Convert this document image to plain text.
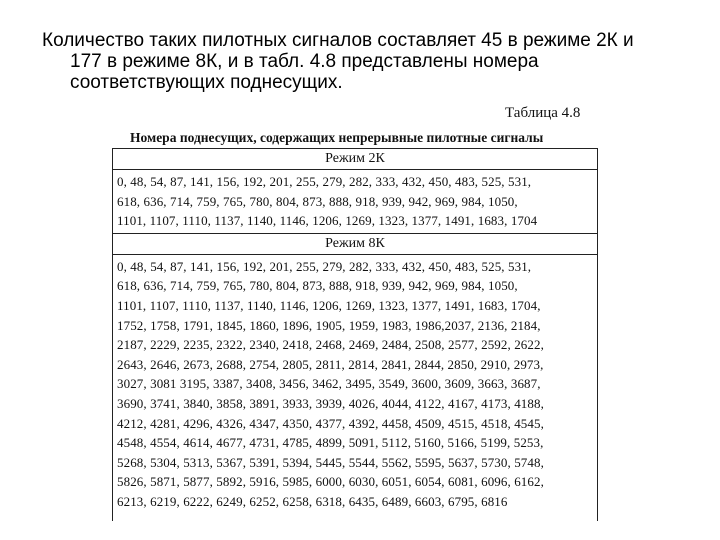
Количество таких пилотных сигналов составляет 45 в режиме 2К и
177 в режиме 8К, и в табл. 4.8 представлены номера
соответствующих поднесущих.
Таблица 4.8
Номера поднесущих, содержащих непрерывные пилотные сигналы
Режим 2К
0, 48, 54, 87, 141, 156, 192, 201, 255, 279, 282, 333, 432, 450, 483, 525, 531,
618, 636, 714, 759, 765, 780, 804, 873, 888, 918, 939, 942, 969, 984, 1050,
1101, 1107, 1110, 1137, 1140, 1146, 1206, 1269, 1323, 1377, 1491, 1683, 1704
Режим 8К
0, 48, 54, 87, 141, 156, 192, 201, 255, 279, 282, 333, 432, 450, 483, 525, 531,
618, 636, 714, 759, 765, 780, 804, 873, 888, 918, 939, 942, 969, 984, 1050,
1101, 1107, 1110, 1137, 1140, 1146, 1206, 1269, 1323, 1377, 1491, 1683, 1704,
1752, 1758, 1791, 1845, 1860, 1896, 1905, 1959, 1983, 1986,2037, 2136, 2184,
2187, 2229, 2235, 2322, 2340, 2418, 2468, 2469, 2484, 2508, 2577, 2592, 2622,
2643, 2646, 2673, 2688, 2754, 2805, 2811, 2814, 2841, 2844, 2850, 2910, 2973,
3027, 3081 3195, 3387, 3408, 3456, 3462, 3495, 3549, 3600, 3609, 3663, 3687,
3690, 3741, 3840, 3858, 3891, 3933, 3939, 4026, 4044, 4122, 4167, 4173, 4188,
4212, 4281, 4296, 4326, 4347, 4350, 4377, 4392, 4458, 4509, 4515, 4518, 4545,
4548, 4554, 4614, 4677, 4731, 4785, 4899, 5091, 5112, 5160, 5166, 5199, 5253,
5268, 5304, 5313, 5367, 5391, 5394, 5445, 5544, 5562, 5595, 5637, 5730, 5748,
5826, 5871, 5877, 5892, 5916, 5985, 6000, 6030, 6051, 6054, 6081, 6096, 6162,
6213, 6219, 6222, 6249, 6252, 6258, 6318, 6435, 6489, 6603, 6795, 6816
